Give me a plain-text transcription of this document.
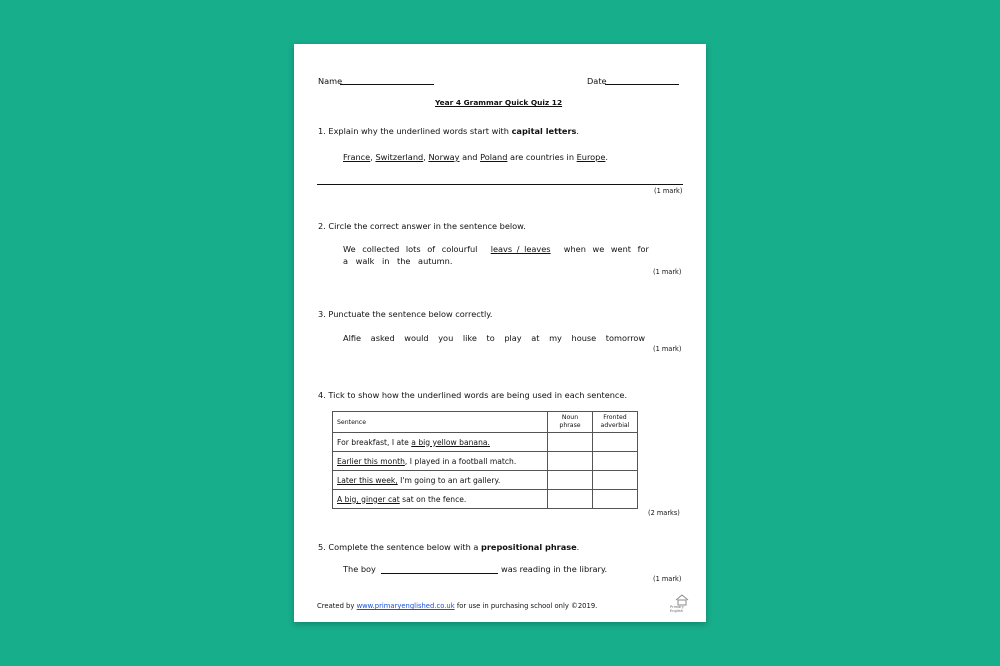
Name	Date
Year 4 Grammar Quick Quiz 12
1. Explain why the underlined words start with capital letters.
France, Switzerland, Norway and Poland are countries in Europe.
(1 mark)
2. Circle the correct answer in the sentence below.
We collected lots of colourful leavs / leaves when we went for
a walk in the autumn.
(1 mark)
3. Punctuate the sentence below correctly.
Alfie asked would you like to play at my house tomorrow
(1 mark)
4. Tick to show how the underlined words are being used in each sentence.
Sentence	Noun phrase	Fronted adverbial
For breakfast, I ate a big yellow banana.		
Earlier this month, I played in a football match.		
Later this week, I'm going to an art gallery.		
A big, ginger cat sat on the fence.		
(2 marks)
5. Complete the sentence below with a prepositional phrase.
The boy	was reading in the library.
(1 mark)
Created by www.primaryenglished.co.uk for use in purchasing school only ©2019.	Primary English
